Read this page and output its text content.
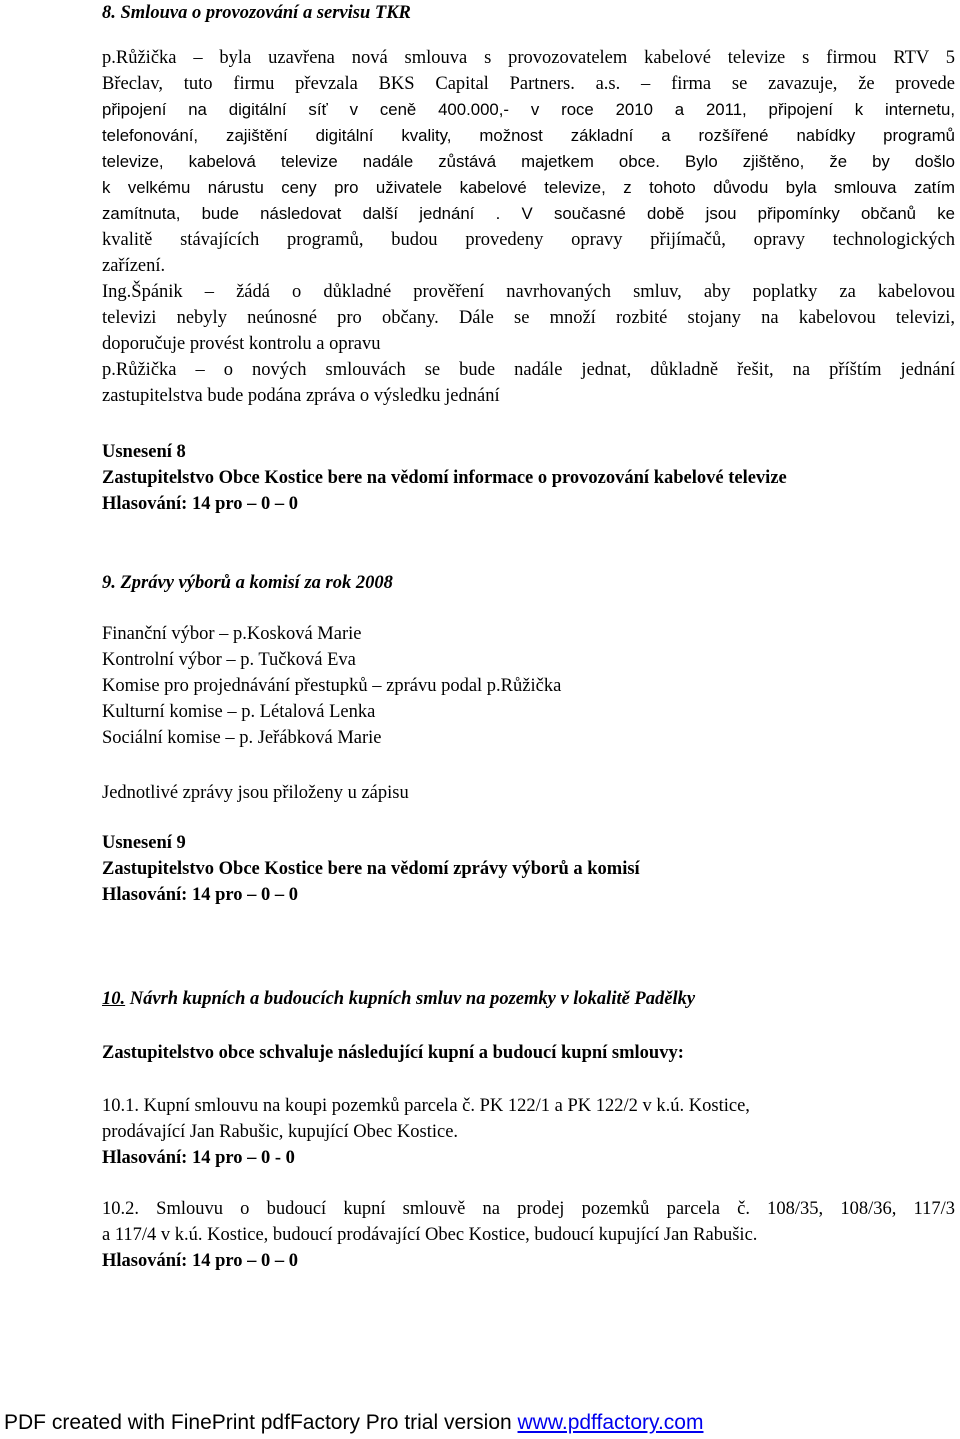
8. Smlouva o provozování a servisu TKR
p.Růžička – byla uzavřena nová smlouva s provozovatelem kabelové televize s firmou RTV 5
Břeclav, tuto firmu převzala BKS Capital Partners. a.s. – firma se zavazuje, že provede
připojení na digitální síť v ceně 400.000,- v roce 2010 a 2011, připojení k internetu,
telefonování, zajištění digitální kvality, možnost základní a rozšířené nabídky programů
televize, kabelová televize nadále zůstává majetkem obce. Bylo zjištěno, že by došlo
k velkému nárustu ceny pro uživatele kabelové televize, z tohoto důvodu byla smlouva zatím
zamítnuta, bude následovat další jednání . V současné době jsou připomínky občanů ke
kvalitě stávajících programů, budou provedeny opravy přijímačů, opravy technologických
zařízení.
Ing.Špánik – žádá o důkladné prověření navrhovaných smluv, aby poplatky za kabelovou
televizi nebyly neúnosné pro občany. Dále se množí rozbité stojany na kabelovou televizi,
doporučuje provést kontrolu a opravu
p.Růžička – o nových smlouvách se bude nadále jednat, důkladně řešit, na příštím jednání
zastupitelstva bude podána zpráva o výsledku jednání
Usnesení 8
Zastupitelstvo Obce Kostice bere na vědomí informace o provozování kabelové televize
Hlasování: 14 pro – 0 – 0
9. Zprávy výborů a komisí za rok 2008
Finanční výbor – p.Kosková Marie
Kontrolní výbor – p. Tučková Eva
Komise pro projednávání přestupků – zprávu podal p.Růžička
Kulturní komise – p. Létalová Lenka
Sociální komise – p. Jeřábková Marie
Jednotlivé zprávy jsou přiloženy u zápisu
Usnesení 9
Zastupitelstvo Obce Kostice bere na vědomí zprávy výborů a komisí
Hlasování: 14 pro – 0 – 0
10. Návrh kupních a budoucích kupních smluv na pozemky v lokalitě Padělky
Zastupitelstvo obce schvaluje následující kupní a budoucí kupní smlouvy:
10.1. Kupní smlouvu na koupi pozemků parcela č. PK 122/1 a PK 122/2 v k.ú. Kostice,
prodávající Jan Rabušic, kupující Obec Kostice.
Hlasování: 14 pro – 0 - 0
10.2. Smlouvu o budoucí kupní smlouvě na prodej pozemků parcela č. 108/35, 108/36, 117/3
a 117/4 v k.ú. Kostice, budoucí prodávající Obec Kostice, budoucí kupující Jan Rabušic.
Hlasování: 14 pro – 0 – 0
PDF created with FinePrint pdfFactory Pro trial version www.pdffactory.com
